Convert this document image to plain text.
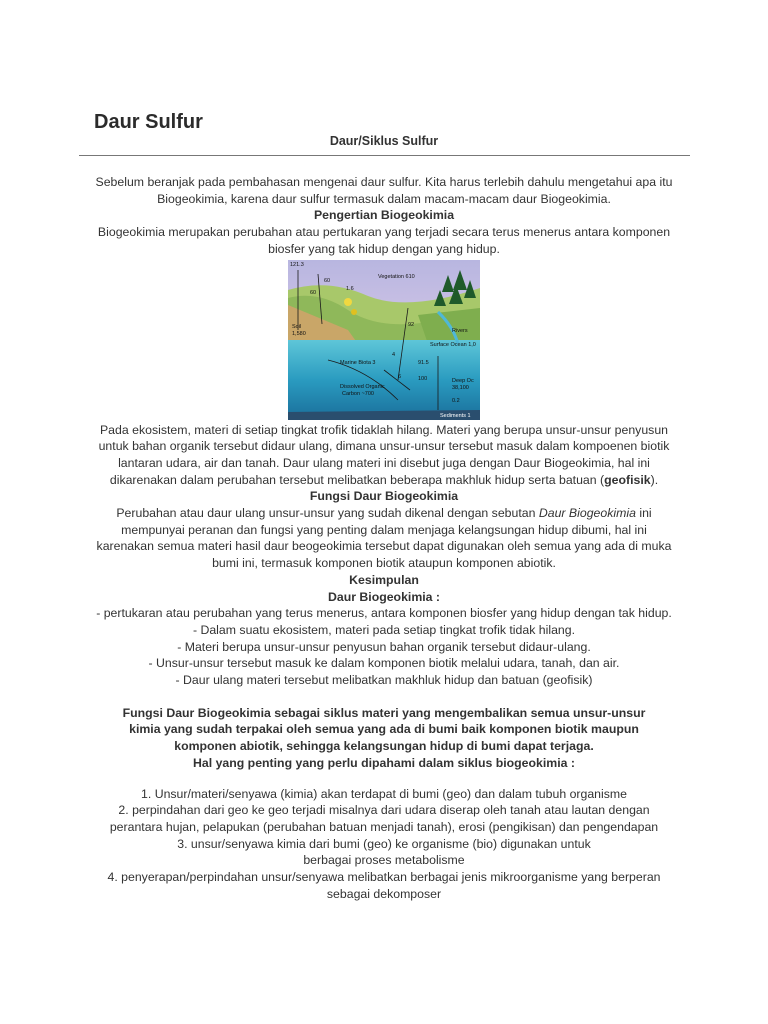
Daur Sulfur
Daur/Siklus Sulfur

Sebelum beranjak pada pembahasan mengenai daur sulfur. Kita harus terlebih dahulu mengetahui apa itu Biogeokimia, karena daur sulfur termasuk dalam macam-macam daur Biogeokimia.

Pengertian Biogeokimia

Biogeokimia merupakan perubahan atau pertukaran yang terjadi secara terus menerus antara komponen biosfer yang tak hidup dengan yang hidup.

121.3
Vegetation 610
60
60
1.6
92
Soil
1,580	Rivers
Surface Ocean 1,0
Marine Biota 3
Dissolved Organic
Carbon ~700
91.5
100
4
6
Deep Oc
38,100
0.2
Sediments 1

Pada ekosistem, materi di setiap tingkat trofik tidaklah hilang. Materi yang berupa unsur-unsur penyusun untuk bahan organik tersebut didaur ulang, dimana unsur-unsur tersebut masuk dalam kompoenen biotik lantaran udara, air dan tanah. Daur ulang materi ini disebut juga dengan Daur Biogeokimia, hal ini dikarenakan dalam perubahan tersebut melibatkan beberapa makhluk hidup serta batuan (geofisik).

Fungsi Daur Biogeokimia

Perubahan atau daur ulang unsur-unsur yang sudah dikenal dengan sebutan Daur Biogeokimia ini mempunyai peranan dan fungsi yang penting dalam menjaga kelangsungan hidup dibumi, hal ini karenakan semua materi hasil daur beogeokimia tersebut dapat digunakan oleh semua yang ada di muka bumi ini, termasuk komponen biotik ataupun komponen abiotik.

Kesimpulan

Daur Biogeokimia :

- pertukaran atau perubahan yang terus menerus, antara komponen biosfer yang hidup dengan tak hidup.

- Dalam suatu ekosistem, materi pada setiap tingkat trofik tidak hilang.

- Materi berupa unsur-unsur penyusun bahan organik tersebut didaur-ulang.

- Unsur-unsur tersebut masuk ke dalam komponen biotik melalui udara, tanah, dan air.

- Daur ulang materi tersebut melibatkan makhluk hidup dan batuan (geofisik)

Fungsi Daur Biogeokimia sebagai siklus materi yang mengembalikan semua unsur-unsur kimia yang sudah terpakai oleh semua yang ada di bumi baik komponen biotik maupun komponen abiotik, sehingga kelangsungan hidup di bumi dapat terjaga.

Hal yang penting yang perlu dipahami dalam siklus biogeokimia :

1. Unsur/materi/senyawa (kimia) akan terdapat di bumi (geo) dan dalam tubuh organisme

2. perpindahan dari geo ke geo terjadi misalnya dari udara diserap oleh tanah atau lautan dengan perantara hujan, pelapukan (perubahan batuan menjadi tanah), erosi (pengikisan) dan pengendapan

3. unsur/senyawa kimia dari bumi (geo) ke organisme (bio) digunakan untuk berbagai proses metabolisme

4. penyerapan/perpindahan unsur/senyawa melibatkan berbagai jenis mikroorganisme yang berperan sebagai dekomposer
